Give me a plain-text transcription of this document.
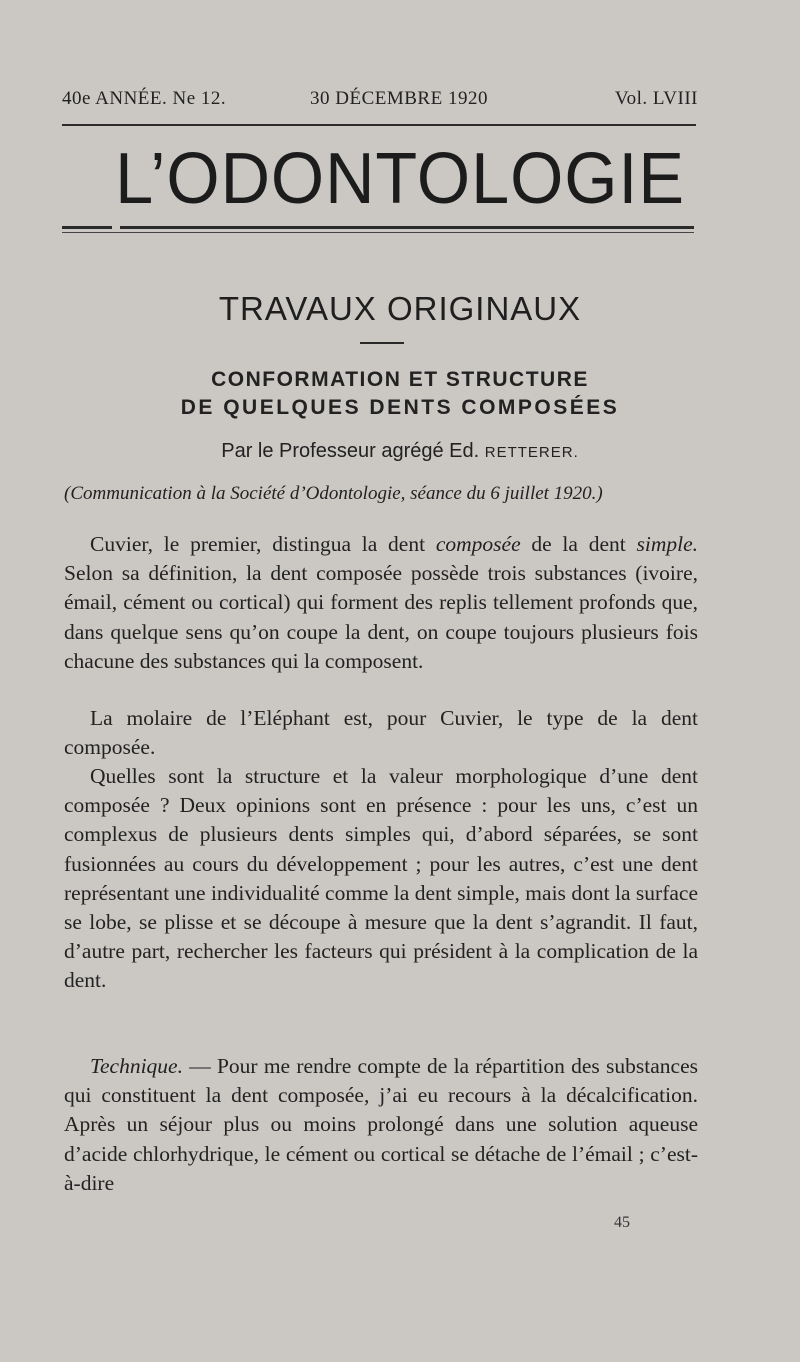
40e ANNÉE. Ne 12.	30 DÉCEMBRE 1920	Vol. LVIII
L’ODONTOLOGIE
TRAVAUX ORIGINAUX
CONFORMATION ET STRUCTURE
DE QUELQUES DENTS COMPOSÉES
Par le Professeur agrégé Ed. RETTERER.
(Communication à la Société d’Odontologie, séance du 6 juillet 1920.)
Cuvier, le premier, distingua la dent composée de la dent simple. Selon sa définition, la dent composée possède trois substances (ivoire, émail, cément ou cortical) qui forment des replis tellement profonds que, dans quelque sens qu’on coupe la dent, on coupe toujours plusieurs fois chacune des substances qui la composent.
La molaire de l’Eléphant est, pour Cuvier, le type de la dent composée.
Quelles sont la structure et la valeur morphologique d’une dent composée ? Deux opinions sont en présence : pour les uns, c’est un complexus de plusieurs dents simples qui, d’abord séparées, se sont fusionnées au cours du développement ; pour les autres, c’est une dent représentant une individualité comme la dent simple, mais dont la surface se lobe, se plisse et se découpe à mesure que la dent s’agrandit. Il faut, d’autre part, rechercher les facteurs qui président à la complication de la dent.
Technique. — Pour me rendre compte de la répartition des substances qui constituent la dent composée, j’ai eu recours à la décalcification. Après un séjour plus ou moins prolongé dans une solution aqueuse d’acide chlorhydrique, le cément ou cortical se détache de l’émail ; c’est-à-dire
45
